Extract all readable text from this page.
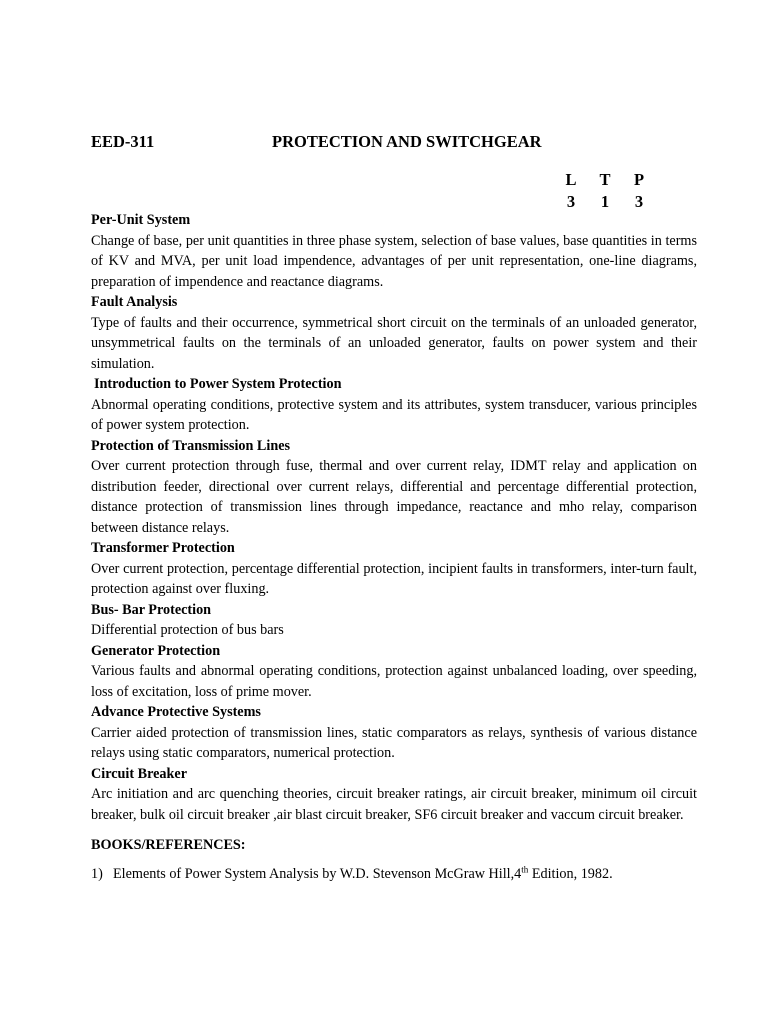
EED-311	PROTECTION AND SWITCHGEAR
L T P
3 1 3

Per-Unit System

Change of base, per unit quantities in three phase system, selection of base values, base quantities in terms of KV and MVA, per unit load impendence, advantages of per unit representation, one-line diagrams, preparation of impendence and reactance diagrams.

Fault Analysis

Type of faults and their occurrence, symmetrical short circuit on the terminals of an unloaded generator, unsymmetrical faults on the terminals of an unloaded generator, faults on power system and their simulation.

Introduction to Power System Protection

Abnormal operating conditions, protective system and its attributes, system transducer, various principles of power system protection.

Protection of Transmission Lines

Over current protection through fuse, thermal and over current relay, IDMT relay and application on distribution feeder, directional over current relays, differential and percentage differential protection, distance protection of transmission lines through impedance, reactance and mho relay, comparison between distance relays.

Transformer Protection

Over current protection, percentage differential protection, incipient faults in transformers, inter-turn fault, protection against over fluxing.

Bus- Bar Protection

Differential protection of bus bars

Generator Protection

Various faults and abnormal operating conditions, protection against unbalanced loading, over speeding, loss of excitation, loss of prime mover.

Advance Protective Systems

Carrier aided protection of transmission lines, static comparators as relays, synthesis of various distance relays using static comparators, numerical protection.

Circuit Breaker

Arc initiation and arc quenching theories, circuit breaker ratings, air circuit breaker, minimum oil circuit breaker, bulk oil circuit breaker ,air blast circuit breaker, SF6 circuit breaker and vaccum circuit breaker.

BOOKS/REFERENCES:

1) Elements of Power System Analysis by W.D. Stevenson McGraw Hill,4th Edition, 1982.
